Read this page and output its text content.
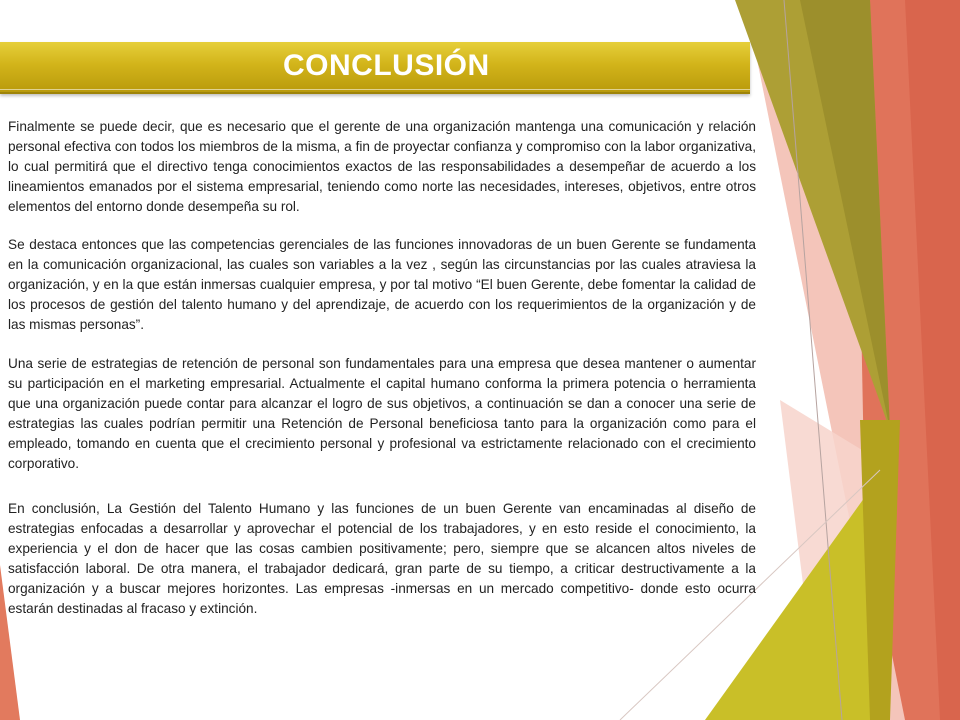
CONCLUSIÓN

Finalmente se puede decir, que es necesario que el gerente de una organización mantenga una comunicación y relación personal efectiva con todos los miembros de la misma, a fin de proyectar confianza y compromiso con la labor organizativa, lo cual permitirá que el directivo tenga conocimientos exactos de las responsabilidades a desempeñar de acuerdo a los lineamientos emanados por el sistema empresarial, teniendo como norte las necesidades, intereses, objetivos, entre otros elementos del entorno donde desempeña su rol.

Se destaca entonces que las competencias gerenciales de las funciones innovadoras de un buen Gerente se fundamenta en la comunicación organizacional, las cuales son variables a la vez , según las circunstancias por las cuales atraviesa la organización, y en la que están inmersas cualquier empresa, y por tal motivo “El buen Gerente, debe fomentar la calidad de los procesos de gestión del talento humano y del aprendizaje, de acuerdo con los requerimientos de la organización y de las mismas personas”.

Una serie de estrategias de retención de personal son fundamentales para una empresa que desea mantener o aumentar su participación en el marketing empresarial. Actualmente el capital humano conforma la primera potencia o herramienta que una organización puede contar para alcanzar el logro de sus objetivos, a continuación se dan a conocer una serie de estrategias las cuales podrían permitir una Retención de Personal beneficiosa tanto para la organización como para el empleado, tomando en cuenta que el crecimiento personal y profesional va estrictamente relacionado con el crecimiento corporativo.

En conclusión, La Gestión del Talento Humano y las funciones de un buen Gerente van encaminadas al diseño de estrategias enfocadas a desarrollar y aprovechar el potencial de los trabajadores, y en esto reside el conocimiento, la experiencia y el don de hacer que las cosas cambien positivamente; pero, siempre que se alcancen altos niveles de satisfacción laboral. De otra manera, el trabajador dedicará, gran parte de su tiempo, a criticar destructivamente a la organización y a buscar mejores horizontes. Las empresas -inmersas en un mercado competitivo- donde esto ocurra estarán destinadas al fracaso y extinción.
